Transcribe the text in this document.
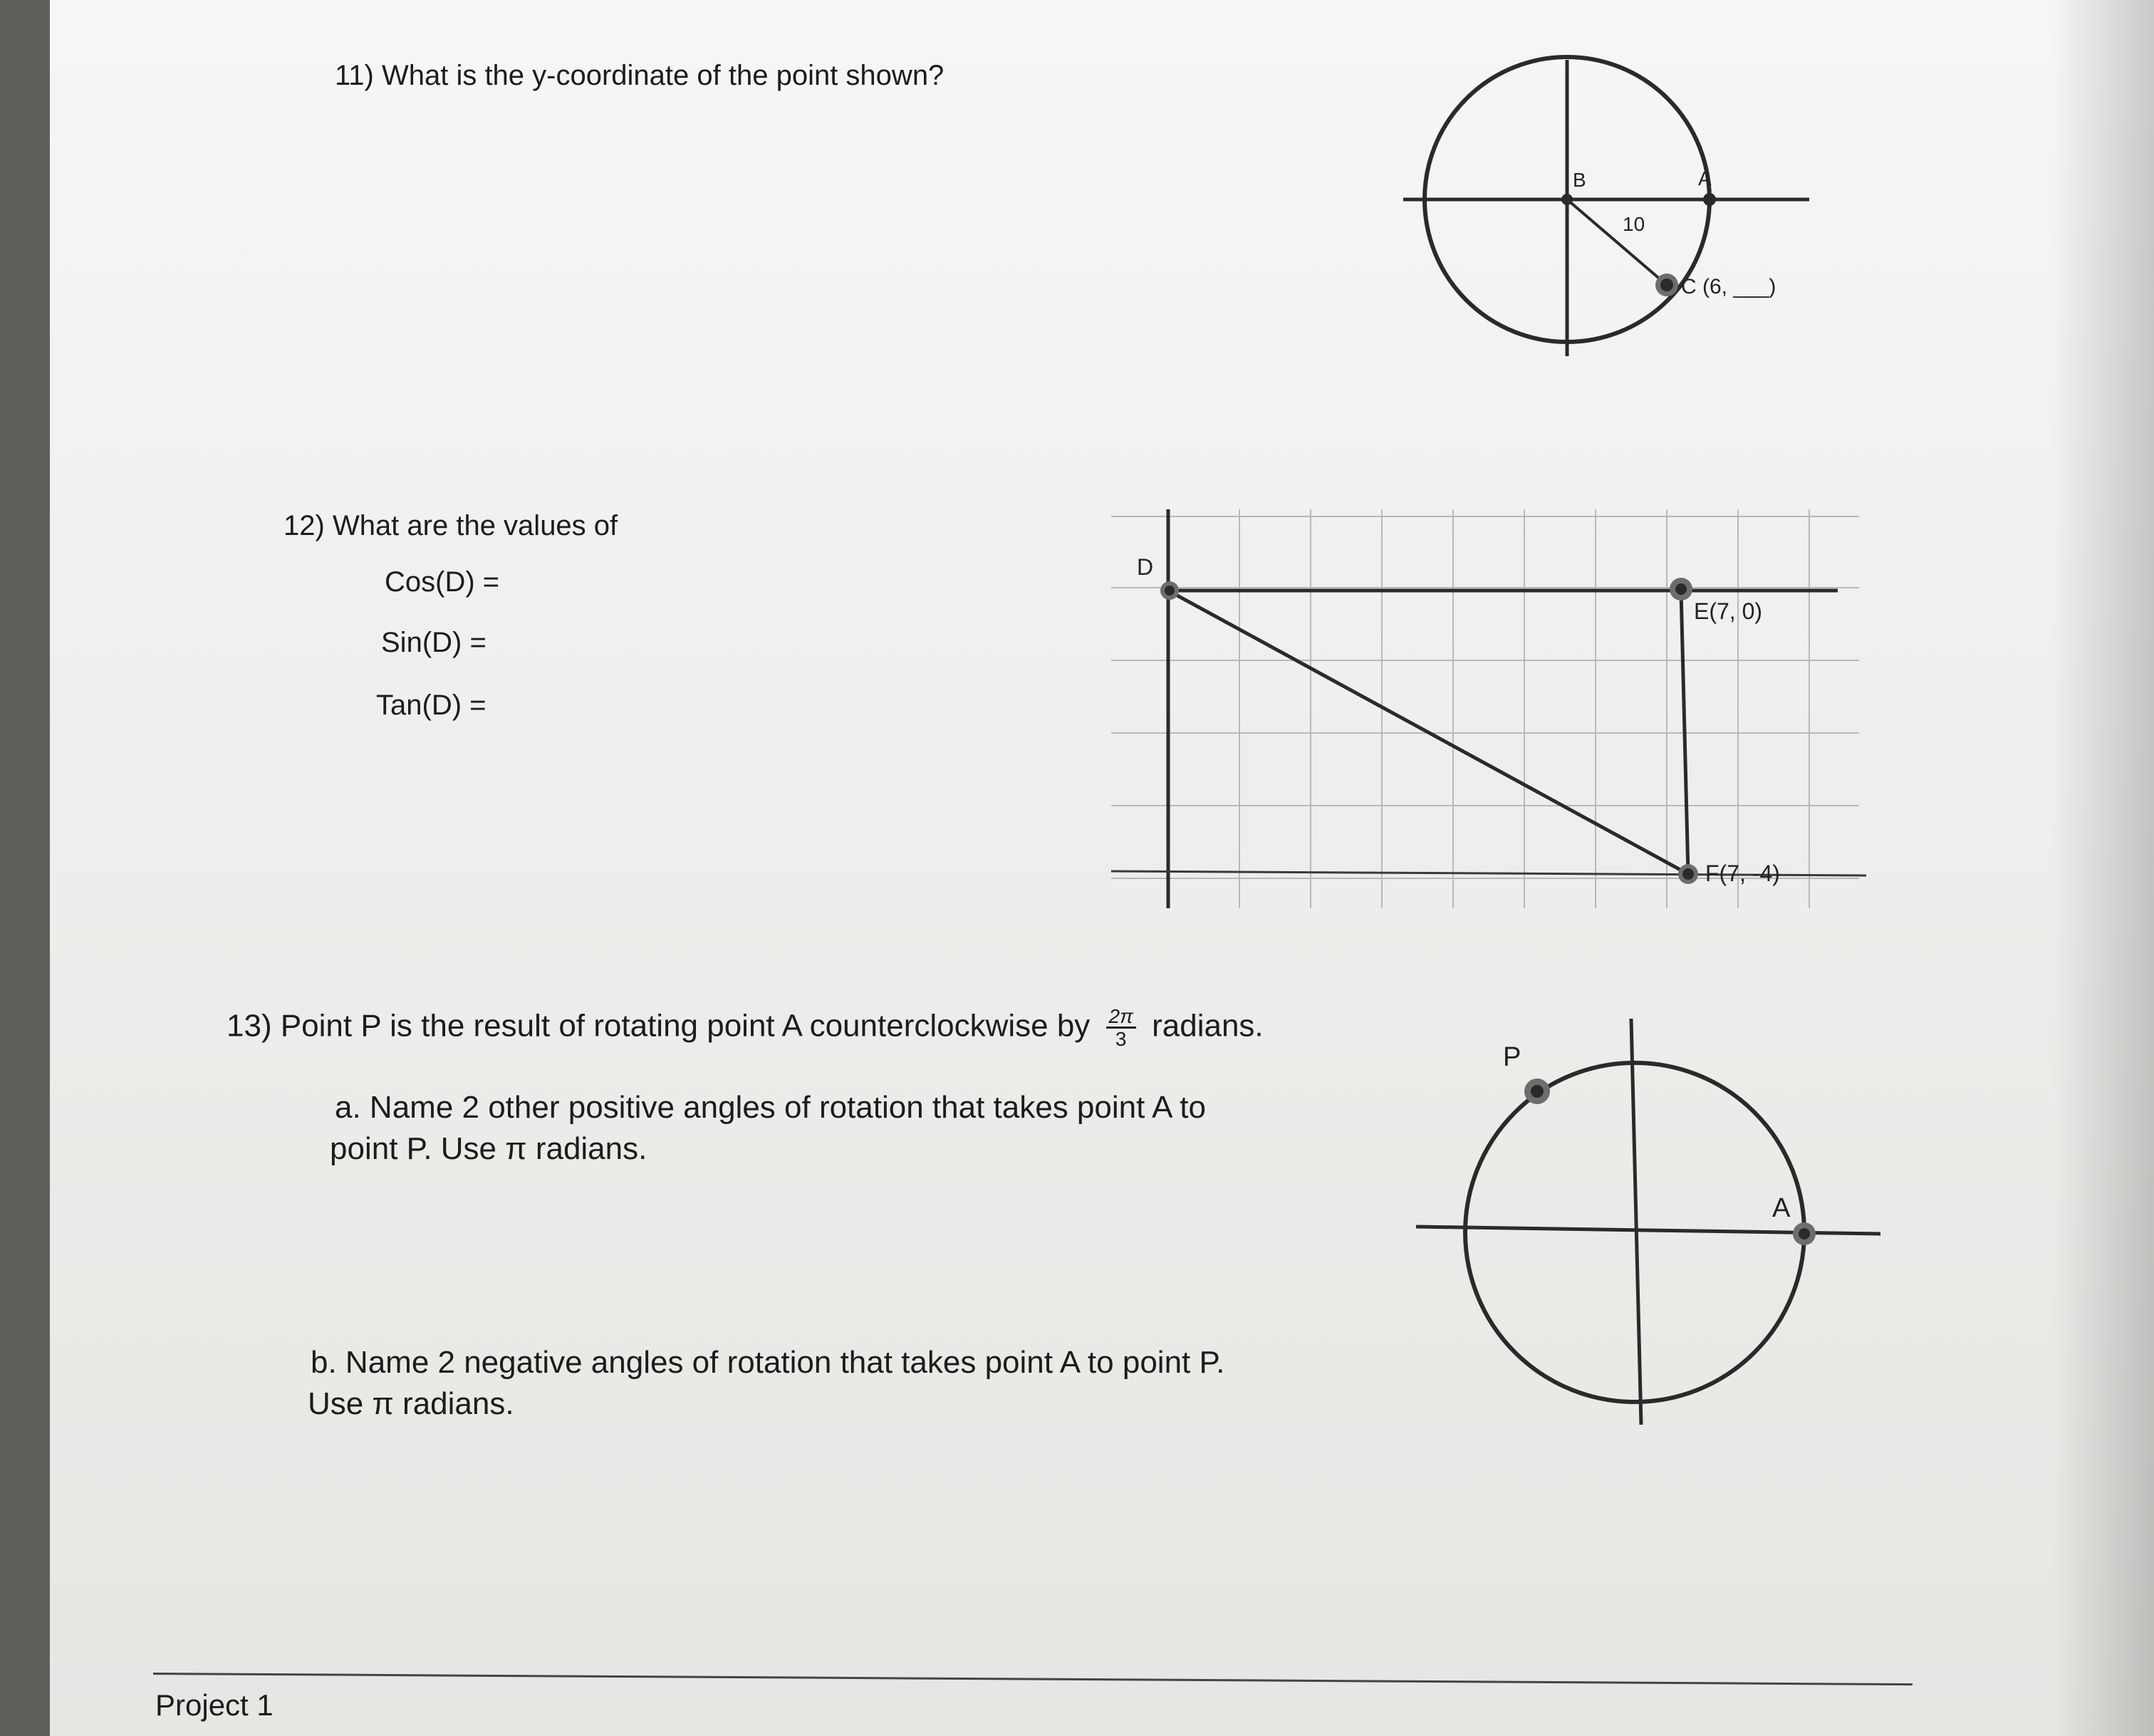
11) What is the y-coordinate of the point shown?
B	A
10
C (6, ___)
12) What are the values of
Cos(D) =
Sin(D) =
Tan(D) =
D
E(7, 0)
F(7, -4)
13) Point P is the result of rotating point A counterclockwise by $\frac{2\pi}{3}$ radians.
a. Name 2 other positive angles of rotation that takes point A to
point P. Use π radians.
b. Name 2 negative angles of rotation that takes point A to point P.
Use π radians.
P
A
Project 1
